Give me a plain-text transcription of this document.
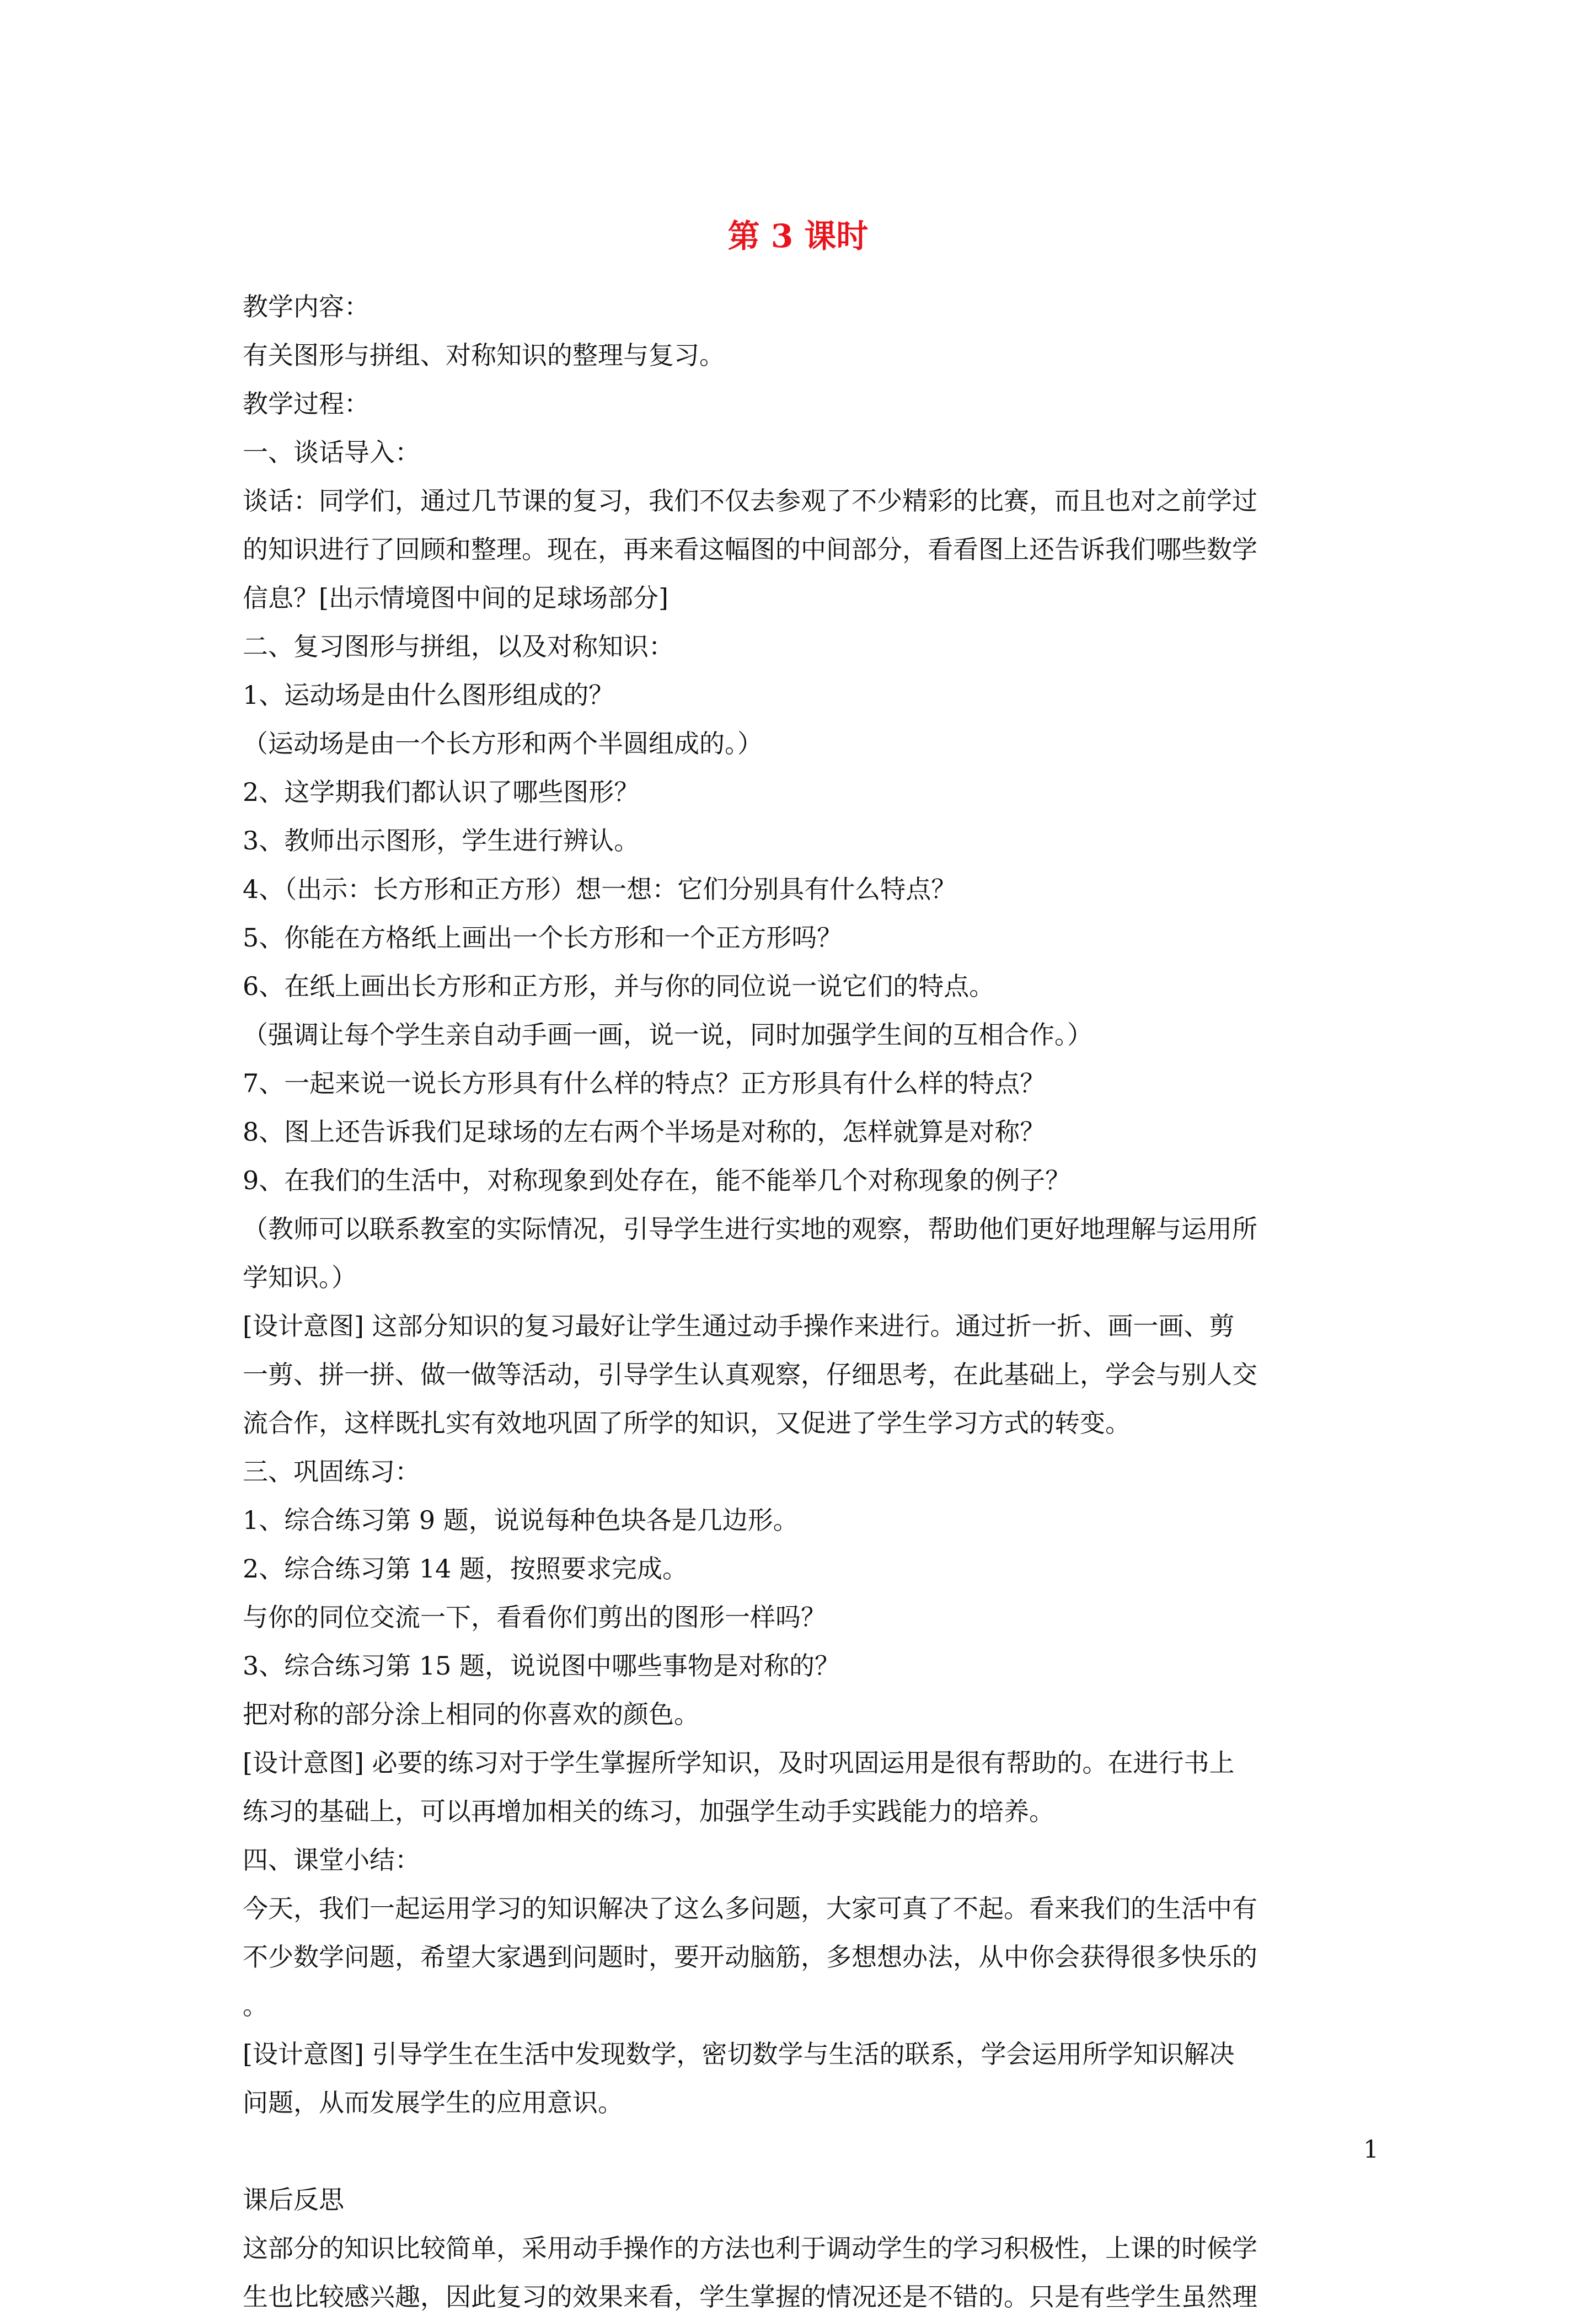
第 3 课时
教学内容：
有关图形与拼组、对称知识的整理与复习。
教学过程：
一、谈话导入：
谈话：同学们，通过几节课的复习，我们不仅去参观了不少精彩的比赛，而且也对之前学过
的知识进行了回顾和整理。现在，再来看这幅图的中间部分，看看图上还告诉我们哪些数学
信息？[出示情境图中间的足球场部分]
二、复习图形与拼组，以及对称知识：
1、运动场是由什么图形组成的？
（运动场是由一个长方形和两个半圆组成的。）
2、这学期我们都认识了哪些图形？
3、教师出示图形，学生进行辨认。
4、（出示：长方形和正方形）想一想：它们分别具有什么特点？
5、你能在方格纸上画出一个长方形和一个正方形吗？
6、在纸上画出长方形和正方形，并与你的同位说一说它们的特点。
（强调让每个学生亲自动手画一画，说一说，同时加强学生间的互相合作。）
7、一起来说一说长方形具有什么样的特点？正方形具有什么样的特点？
8、图上还告诉我们足球场的左右两个半场是对称的，怎样就算是对称？
9、在我们的生活中，对称现象到处存在，能不能举几个对称现象的例子？
（教师可以联系教室的实际情况，引导学生进行实地的观察，帮助他们更好地理解与运用所
学知识。）
[设计意图] 这部分知识的复习最好让学生通过动手操作来进行。通过折一折、画一画、剪
一剪、拼一拼、做一做等活动，引导学生认真观察，仔细思考，在此基础上，学会与别人交
流合作，这样既扎实有效地巩固了所学的知识，又促进了学生学习方式的转变。
三、巩固练习：
1、综合练习第 9 题，说说每种色块各是几边形。
2、综合练习第 14 题，按照要求完成。
与你的同位交流一下，看看你们剪出的图形一样吗？
3、综合练习第 15 题，说说图中哪些事物是对称的？
把对称的部分涂上相同的你喜欢的颜色。
[设计意图] 必要的练习对于学生掌握所学知识，及时巩固运用是很有帮助的。在进行书上
练习的基础上，可以再增加相关的练习，加强学生动手实践能力的培养。
四、课堂小结：
今天，我们一起运用学习的知识解决了这么多问题，大家可真了不起。看来我们的生活中有
不少数学问题，希望大家遇到问题时，要开动脑筋，多想想办法，从中你会获得很多快乐的
。
[设计意图] 引导学生在生活中发现数学，密切数学与生活的联系，学会运用所学知识解决
问题，从而发展学生的应用意识。
课后反思
这部分的知识比较简单，采用动手操作的方法也利于调动学生的学习积极性，上课的时候学
生也比较感兴趣，因此复习的效果来看，学生掌握的情况还是不错的。只是有些学生虽然理
1
